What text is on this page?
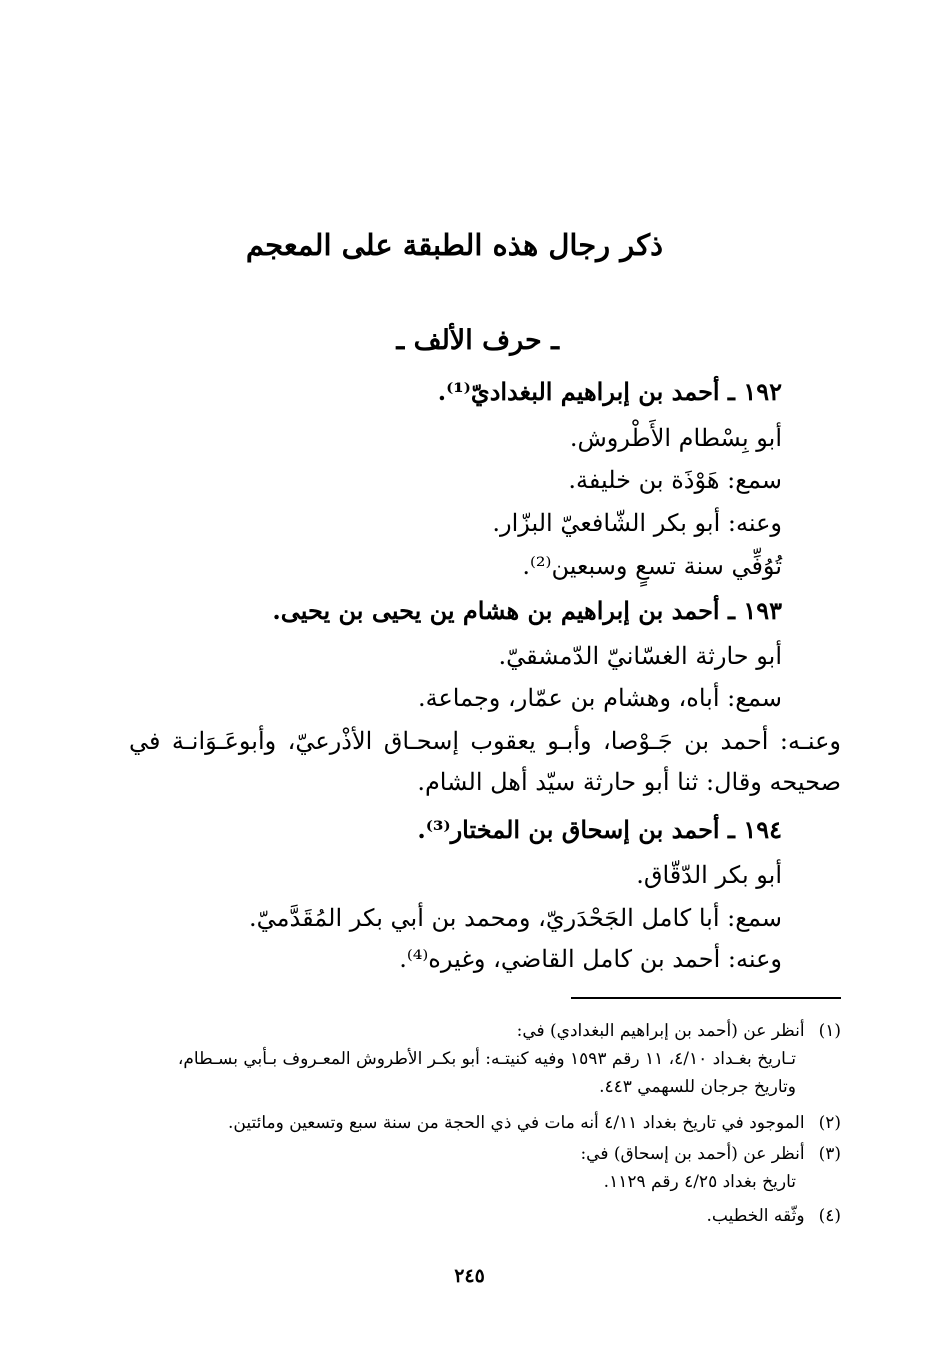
ذكر رجال هذه الطبقة على المعجم
ـ حرف الألف ـ
١٩٢ ـ أحمد بن إبراهيم البغداديّ⁽¹⁾.
أبو بِسْطام الأَطْروش.
سمع: هَوْذَة بن خليفة.
وعنه: أبو بكر الشّافعيّ البزّار.
تُوُفِّي سنة تسعٍ وسبعين⁽²⁾.
١٩٣ ـ أحمد بن إبراهيم بن هشام ين يحيى بن يحيى.
أبو حارثة الغسّانيّ الدّمشقيّ.
سمع: أباه، وهشام بن عمّار، وجماعة.
وعنـه: أحمد بن جَـوْصا، وأبـو يعقوب إسحـاق الأذْرعيّ، وأبوعَـوَانـة في
صحيحه وقال: ثنا أبو حارثة سيّد أهل الشام.
١٩٤ ـ أحمد بن إسحاق بن المختار⁽³⁾.
أبو بكر الدّقّاق.
سمع: أبا كامل الجَحْدَريّ، ومحمد بن أبي بكر المُقَدَّميّ.
وعنه: أحمد بن كامل القاضي، وغيره⁽⁴⁾.
(١)أنظر عن (أحمد بن إبراهيم البغدادي) في:
تـاريخ بغـداد ٤/١٠، ١١ رقم ١٥٩٣ وفيه كنيتـه: أبو بكـر الأطروش المعـروف بـأبي بسـطام،
وتاريخ جرجان للسهمي ٤٤٣.
(٢)الموجود في تاريخ بغداد ٤/١١ أنه مات في ذي الحجة من سنة سبع وتسعين ومائتين.
(٣)أنظر عن (أحمد بن إسحاق) في:
تاريخ بغداد ٤/٢٥ رقم ١١٢٩.
(٤)وثّقه الخطيب.
٢٤٥
